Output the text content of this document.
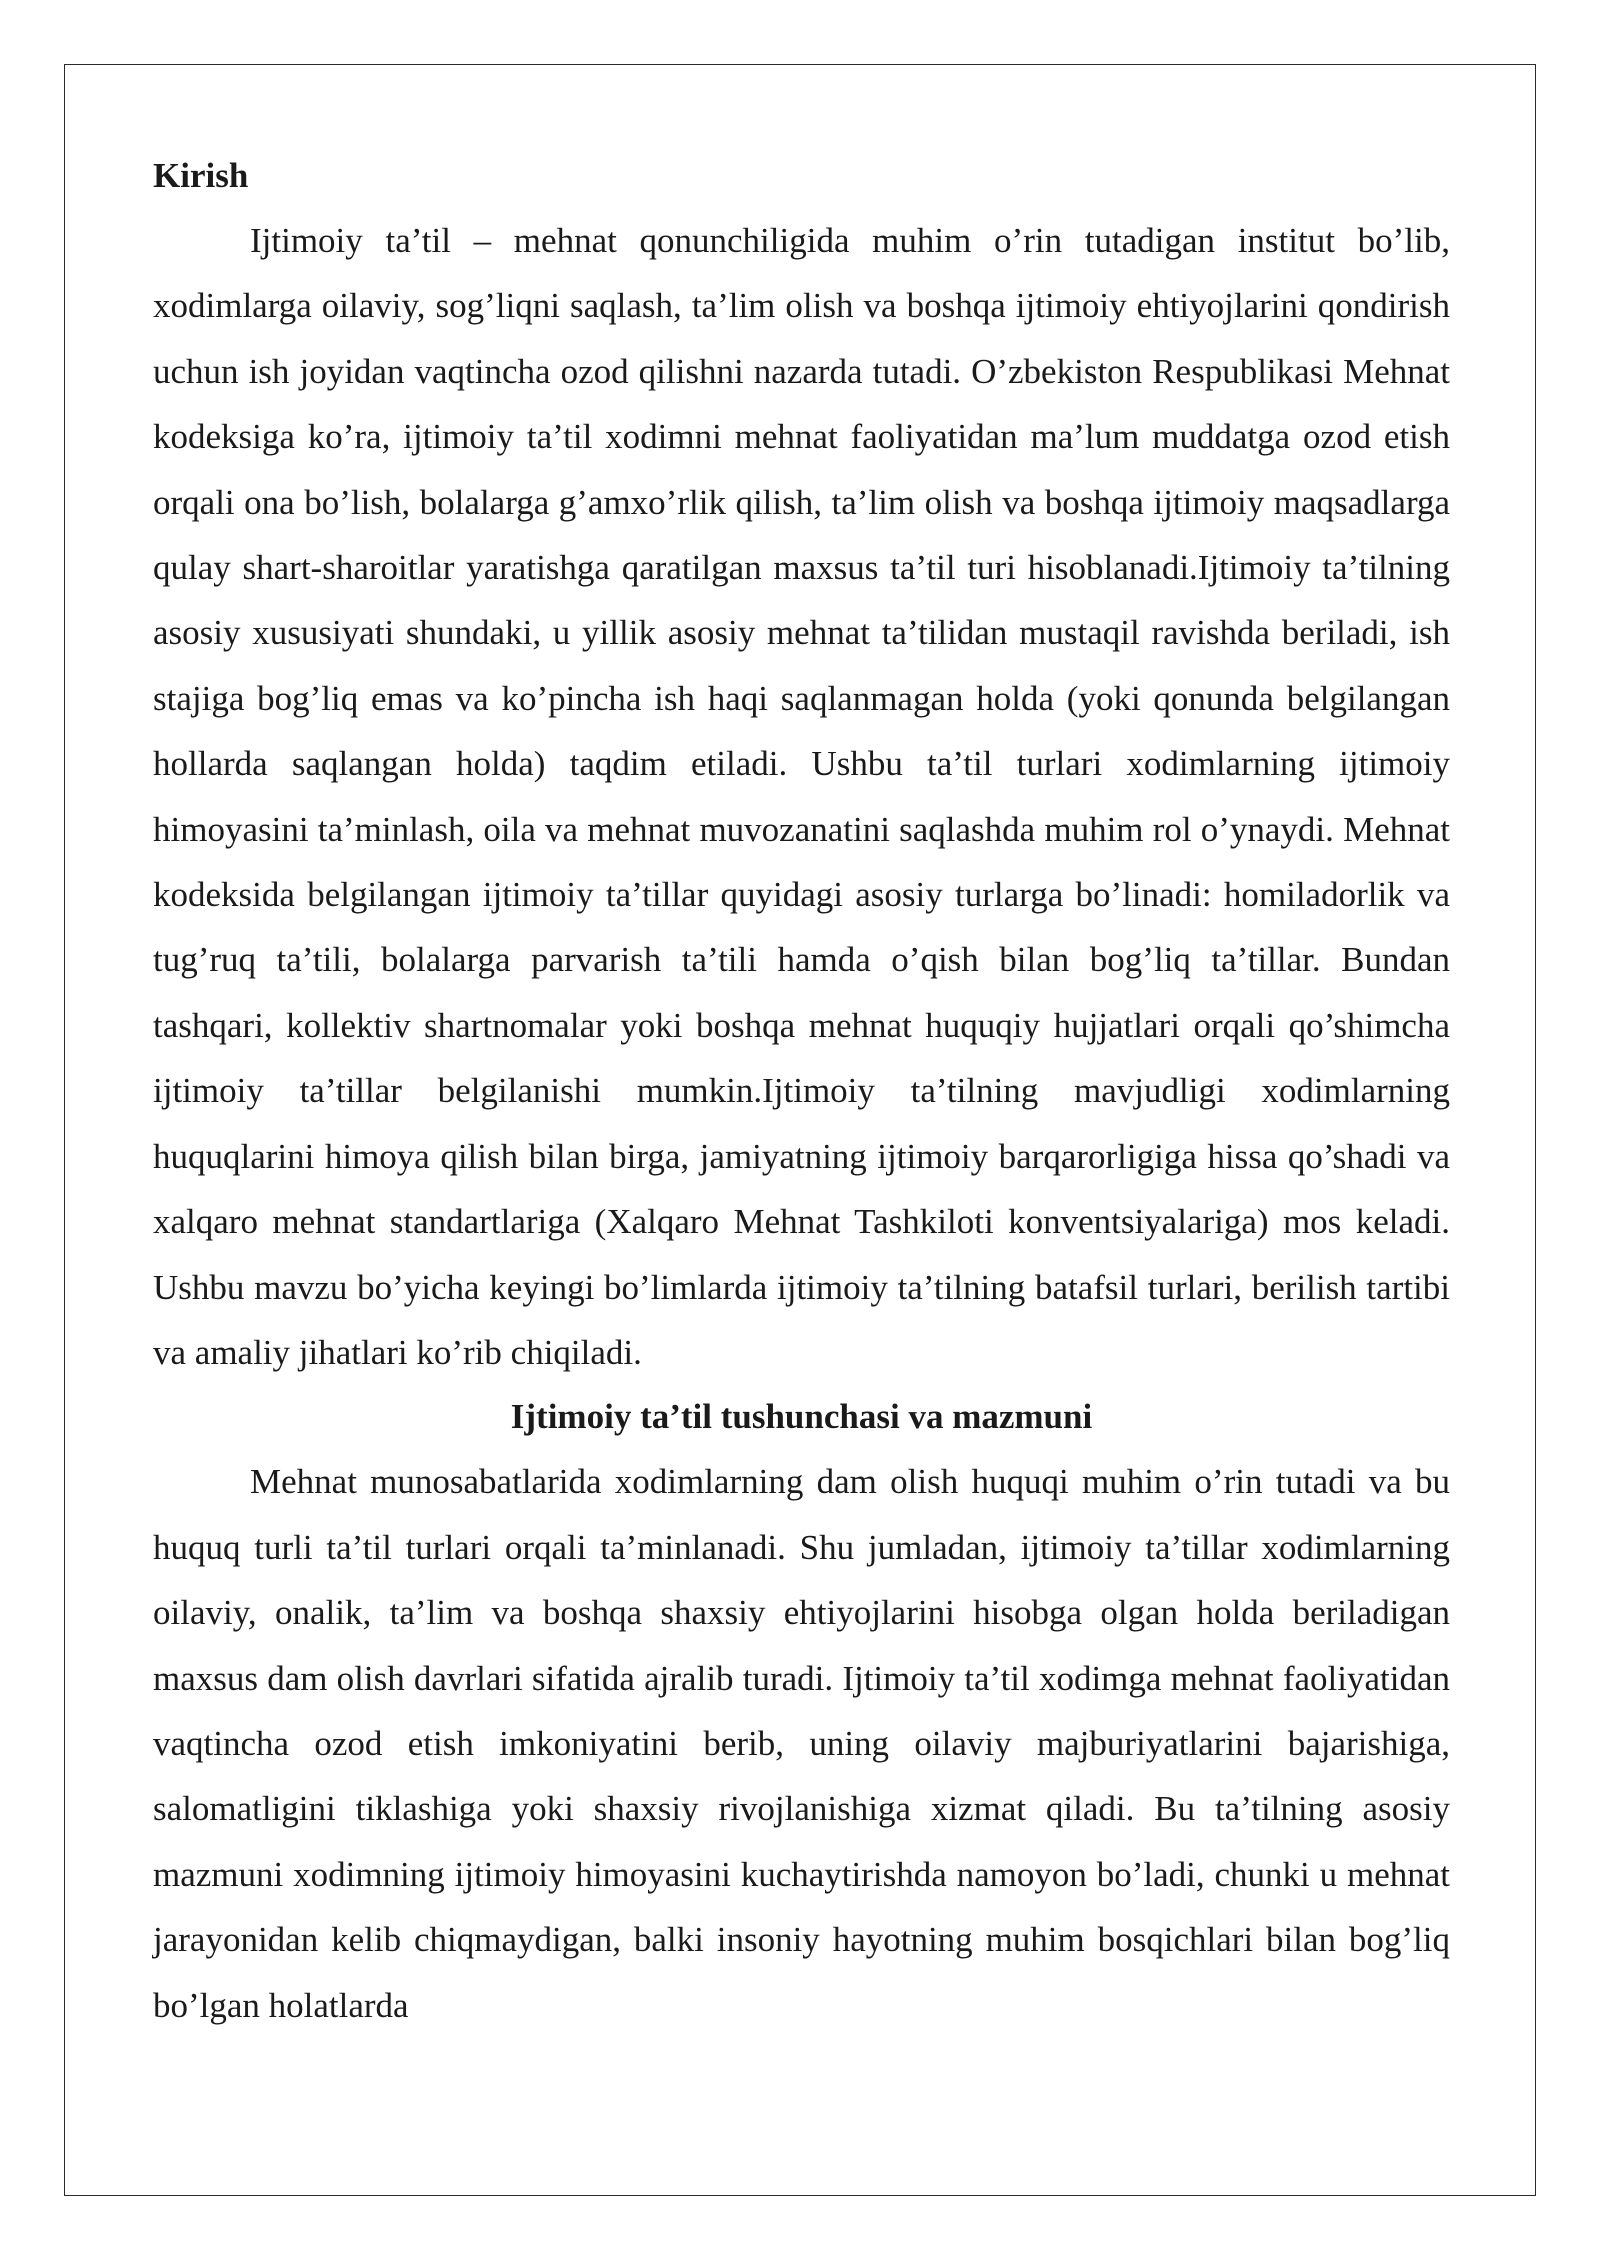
Kirish

Ijtimoiy ta’til – mehnat qonunchiligida muhim o’rin tutadigan institut bo’lib, xodimlarga oilaviy, sog’liqni saqlash, ta’lim olish va boshqa ijtimoiy ehtiyojlarini qondirish uchun ish joyidan vaqtincha ozod qilishni nazarda tutadi. O’zbekiston Respublikasi Mehnat kodeksiga ko’ra, ijtimoiy ta’til xodimni mehnat faoliyatidan ma’lum muddatga ozod etish orqali ona bo’lish, bolalarga g’amxo’rlik qilish, ta’lim olish va boshqa ijtimoiy maqsadlarga qulay shart-sharoitlar yaratishga qaratilgan maxsus ta’til turi hisoblanadi.Ijtimoiy ta’tilning asosiy xususiyati shundaki, u yillik asosiy mehnat ta’tilidan mustaqil ravishda beriladi, ish stajiga bog’liq emas va ko’pincha ish haqi saqlanmagan holda (yoki qonunda belgilangan hollarda saqlangan holda) taqdim etiladi. Ushbu ta’til turlari xodimlarning ijtimoiy himoyasini ta’minlash, oila va mehnat muvozanatini saqlashda muhim rol o’ynaydi. Mehnat kodeksida belgilangan ijtimoiy ta’tillar quyidagi asosiy turlarga bo’linadi: homiladorlik va tug’ruq ta’tili, bolalarga parvarish ta’tili hamda o’qish bilan bog’liq ta’tillar. Bundan tashqari, kollektiv shartnomalar yoki boshqa mehnat huquqiy hujjatlari orqali qo’shimcha ijtimoiy ta’tillar belgilanishi mumkin.Ijtimoiy ta’tilning mavjudligi xodimlarning huquqlarini himoya qilish bilan birga, jamiyatning ijtimoiy barqarorligiga hissa qo’shadi va xalqaro mehnat standartlariga (Xalqaro Mehnat Tashkiloti konventsiyalariga) mos keladi. Ushbu mavzu bo’yicha keyingi bo’limlarda ijtimoiy ta’tilning batafsil turlari, berilish tartibi va amaliy jihatlari ko’rib chiqiladi.

Ijtimoiy ta’til tushunchasi va mazmuni

Mehnat munosabatlarida xodimlarning dam olish huquqi muhim o’rin tutadi va bu huquq turli ta’til turlari orqali ta’minlanadi. Shu jumladan, ijtimoiy ta’tillar xodimlarning oilaviy, onalik, ta’lim va boshqa shaxsiy ehtiyojlarini hisobga olgan holda beriladigan maxsus dam olish davrlari sifatida ajralib turadi. Ijtimoiy ta’til xodimga mehnat faoliyatidan vaqtincha ozod etish imkoniyatini berib, uning oilaviy majburiyatlarini bajarishiga, salomatligini tiklashiga yoki shaxsiy rivojlanishiga xizmat qiladi. Bu ta’tilning asosiy mazmuni xodimning ijtimoiy himoyasini kuchaytirishda namoyon bo’ladi, chunki u mehnat jarayonidan kelib chiqmaydigan, balki insoniy hayotning muhim bosqichlari bilan bog’liq bo’lgan holatlarda
